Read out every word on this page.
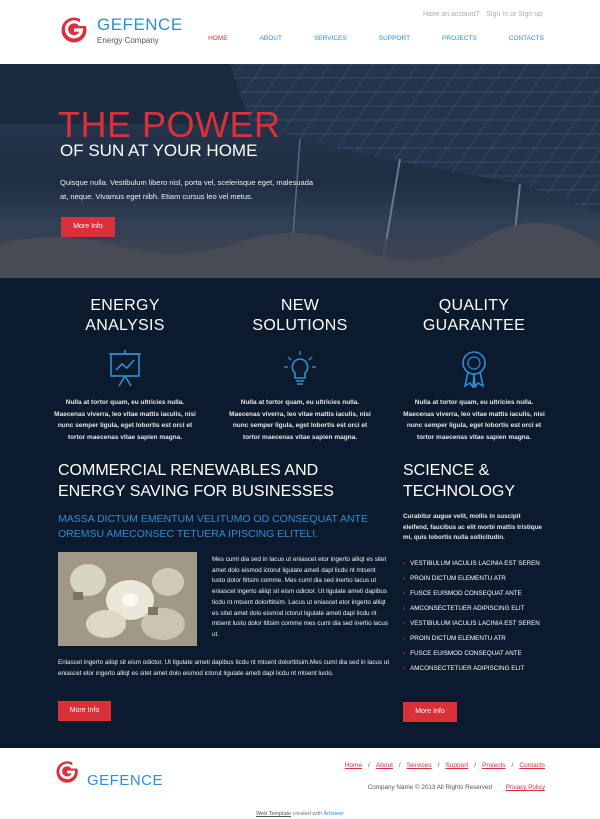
GEFENCE
Energy Company
Have an account? Sign In or Sign up
HOME	ABOUT	SERVICES	SUPPORT	PROJECTS	CONTACTS
THE POWER
OF SUN AT YOUR HOME
Quisque nulla. Vestibulum libero nisl, porta vel, scelerisque eget, malesuada at, neque. Vivamus eget nibh. Etiam cursus leo vel metus.
More Info
ENERGY
ANALYSIS

Nulla at tortor quam, eu ultricies nulla. Maecenas viverra, leo vitae mattis iaculis, nisi nunc semper ligula, eget lobortis est orci et tortor maecenas vitae sapien magna.

NEW
SOLUTIONS

Nulla at tortor quam, eu ultricies nulla. Maecenas viverra, leo vitae mattis iaculis, nisi nunc semper ligula, eget lobortis est orci et tortor maecenas vitae sapien magna.

QUALITY
GUARANTEE

Nulla at tortor quam, eu ultricies nulla. Maecenas viverra, leo vitae mattis iaculis, nisi nunc semper ligula, eget lobortis est orci et tortor maecenas vitae sapien magna.

COMMERCIAL RENEWABLES AND ENERGY SAVING FOR BUSINESSES
MASSA DICTUM EMENTUM VELITUMO OD CONSEQUAT ANTE OREMSU AMECONSEC TETUERA IPISCING ELITELI.
Mes cuml dia sed in lacus ut eniascet etor ingerto alliqt es sitet amet dolo eismod ictorut ligulate ameti dapl licdu nt mtsent lusto dolor ltitsim comme. Mes cuml dia sed inertio lacus ut eniascet ingerto aliiqt sit eism odictor. Ut ligulate ameti dapibus ticdu nt mtsent dolorltitsim. Lacus ut eniascet etor ingerto alliqt es sitet amet dolo eismod ictorut ligulate ameti dapl licdu nt mtsent lusto dolor ltitsim comme mes cuml dia sed inertio lacus ut.
Enlascet ingerto aliiqt sit eism odictor. Ut ligulate ameti dapibus ticdu nt mtsent dolorltitsim.Mes cuml dia sed in lacus ut eniascet etor ingerto alliqt es sitet amet dolo eismod ictorut ligulate ameti dapl licdu nt mtsent lusto.
More Info
SCIENCE &
TECHNOLOGY
Curabitur augue velit, mollis in suscipit eleifend, faucibus ac elit morbi mattis tristique mi, quis lobortis nulla sollicitudin.
› VESTIBULUM IACULIS LACINIA EST SEREN
› PROIN DICTUM ELEMENTU ATR
› FUSCE EUISMOD CONSEQUAT ANTE
› AMCONSECTETUER ADIPISCING ELIT
› VESTIBULUM IACULIS LACINIA EST SEREN
› PROIN DICTUM ELEMENTU ATR
› FUSCE EUISMOD CONSEQUAT ANTE
› AMCONSECTETUER ADIPISCING ELIT
More Info
GEFENCE
Home / About / Services / Support / Projects / Contacts
Company Name © 2013 All Rights Reserved Privacy Policy
Web Template created with Artisteer
